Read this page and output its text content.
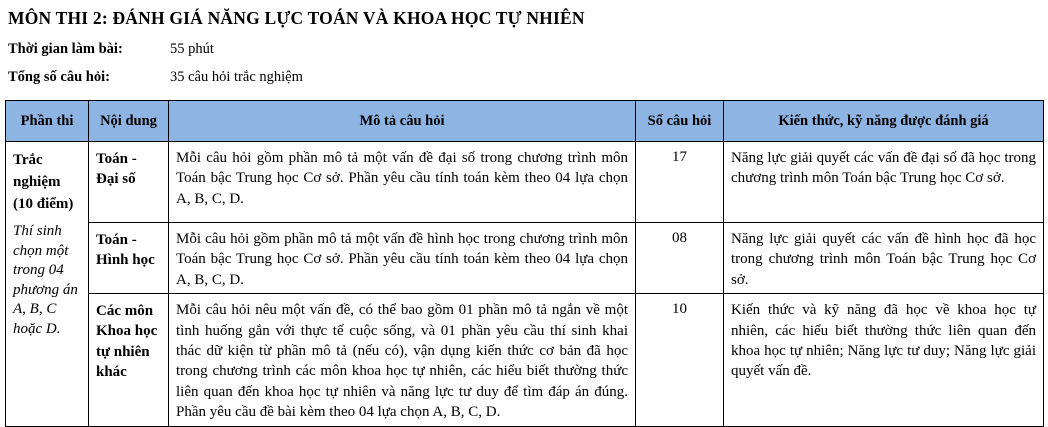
MÔN THI 2: ĐÁNH GIÁ NĂNG LỰC TOÁN VÀ KHOA HỌC TỰ NHIÊN
Thời gian làm bài:	55 phút
Tổng số câu hỏi:	35 câu hỏi trắc nghiệm
Phần thi	Nội dung	Mô tả câu hỏi	Số câu hỏi	Kiến thức, kỹ năng được đánh giá

Trắc nghiệm (10 điểm)
Thí sinh chọn một trong 04 phương án A, B, C hoặc D.	Toán - Đại số	Mỗi câu hỏi gồm phần mô tả một vấn đề đại số trong chương trình môn Toán bậc Trung học Cơ sở. Phần yêu cầu tính toán kèm theo 04 lựa chọn A, B, C, D.	17	Năng lực giải quyết các vấn đề đại số đã học trong chương trình môn Toán bậc Trung học Cơ sở.
	Toán - Hình học	Mỗi câu hỏi gồm phần mô tả một vấn đề hình học trong chương trình môn Toán bậc Trung học Cơ sở. Phần yêu cầu tính toán kèm theo 04 lựa chọn A, B, C, D.	08	Năng lực giải quyết các vấn đề hình học đã học trong chương trình môn Toán bậc Trung học Cơ sở.
	Các môn Khoa học tự nhiên khác	Mỗi câu hỏi nêu một vấn đề, có thể bao gồm 01 phần mô tả ngắn về một tình huống gắn với thực tế cuộc sống, và 01 phần yêu cầu thí sinh khai thác dữ kiện từ phần mô tả (nếu có), vận dụng kiến thức cơ bản đã học trong chương trình các môn khoa học tự nhiên, các hiểu biết thường thức liên quan đến khoa học tự nhiên và năng lực tư duy để tìm đáp án đúng. Phần yêu cầu đề bài kèm theo 04 lựa chọn A, B, C, D.	10	Kiến thức và kỹ năng đã học về khoa học tự nhiên, các hiểu biết thường thức liên quan đến khoa học tự nhiên; Năng lực tư duy; Năng lực giải quyết vấn đề.
